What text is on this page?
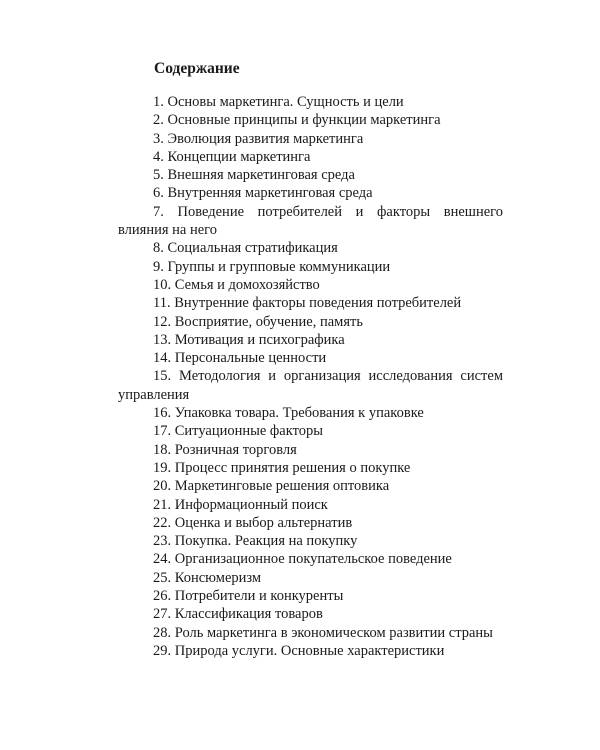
Содержание
1. Основы маркетинга. Сущность и цели
2. Основные принципы и функции маркетинга
3. Эволюция развития маркетинга
4. Концепции маркетинга
5. Внешняя маркетинговая среда
6. Внутренняя маркетинговая среда
7. Поведение потребителей и факторы внешнего влияния на него
8. Социальная стратификация
9. Группы и групповые коммуникации
10. Семья и домохозяйство
11. Внутренние факторы поведения потребителей
12. Восприятие, обучение, память
13. Мотивация и психографика
14. Персональные ценности
15. Методология и организация исследования систем управления
16. Упаковка товара. Требования к упаковке
17. Ситуационные факторы
18. Розничная торговля
19. Процесс принятия решения о покупке
20. Маркетинговые решения оптовика
21. Информационный поиск
22. Оценка и выбор альтернатив
23. Покупка. Реакция на покупку
24. Организационное покупательское поведение
25. Консюмеризм
26. Потребители и конкуренты
27. Классификация товаров
28. Роль маркетинга в экономическом развитии страны
29. Природа услуги. Основные характеристики
